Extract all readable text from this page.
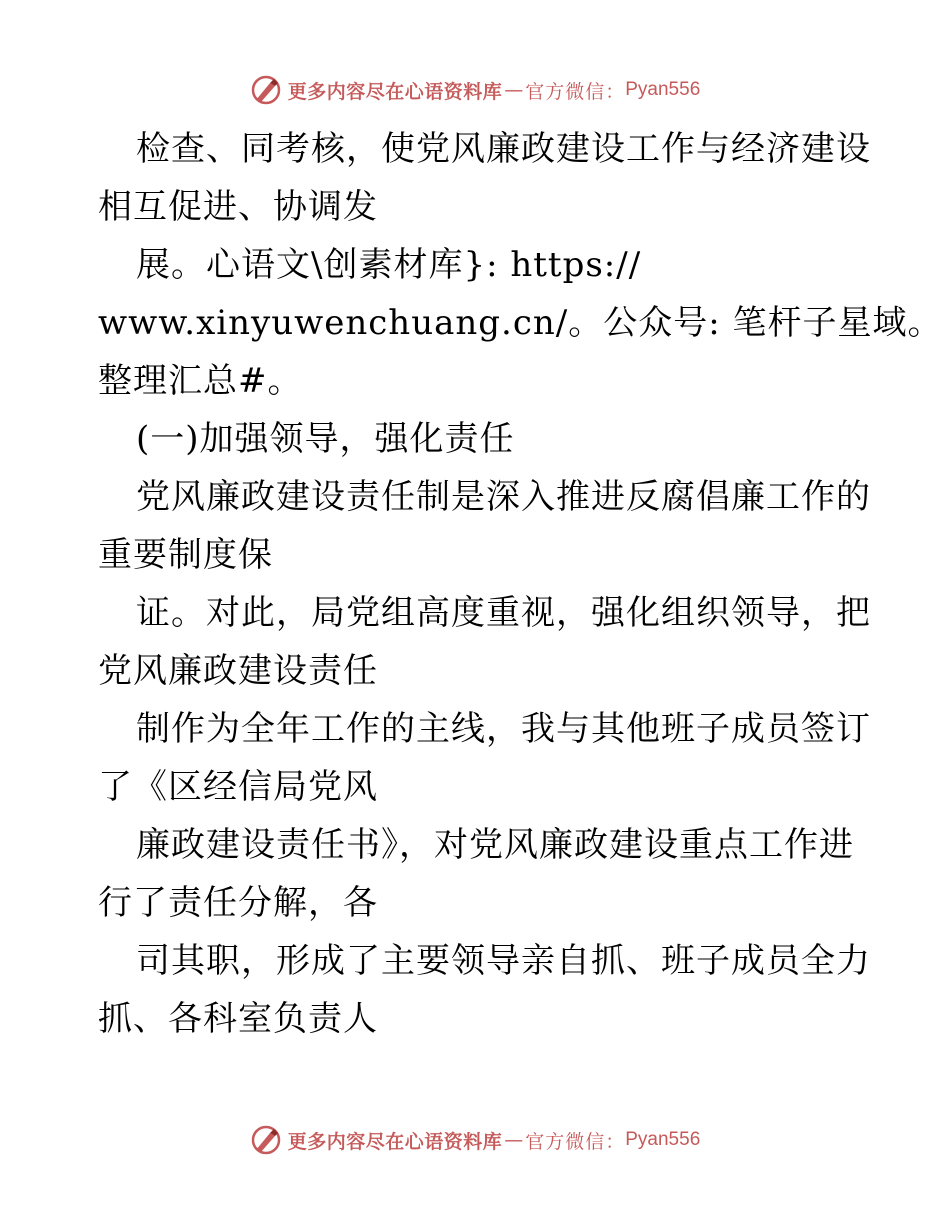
更多内容尽在心语资料库 — 官方微信： Pyan556
检查、同考核，使党风廉政建设工作与经济建设
相互促进、协调发
展。心语文\创素材库}: https://
www.xinyuwenchuang.cn/。公众号: 笔杆子星域。
整理汇总#。
(一)加强领导，强化责任
党风廉政建设责任制是深入推进反腐倡廉工作的
重要制度保
证。对此，局党组高度重视，强化组织领导，把
党风廉政建设责任
制作为全年工作的主线，我与其他班子成员签订
了《区经信局党风
廉政建设责任书》，对党风廉政建设重点工作进
行了责任分解，各
司其职，形成了主要领导亲自抓、班子成员全力
抓、各科室负责人
更多内容尽在心语资料库 — 官方微信： Pyan556
